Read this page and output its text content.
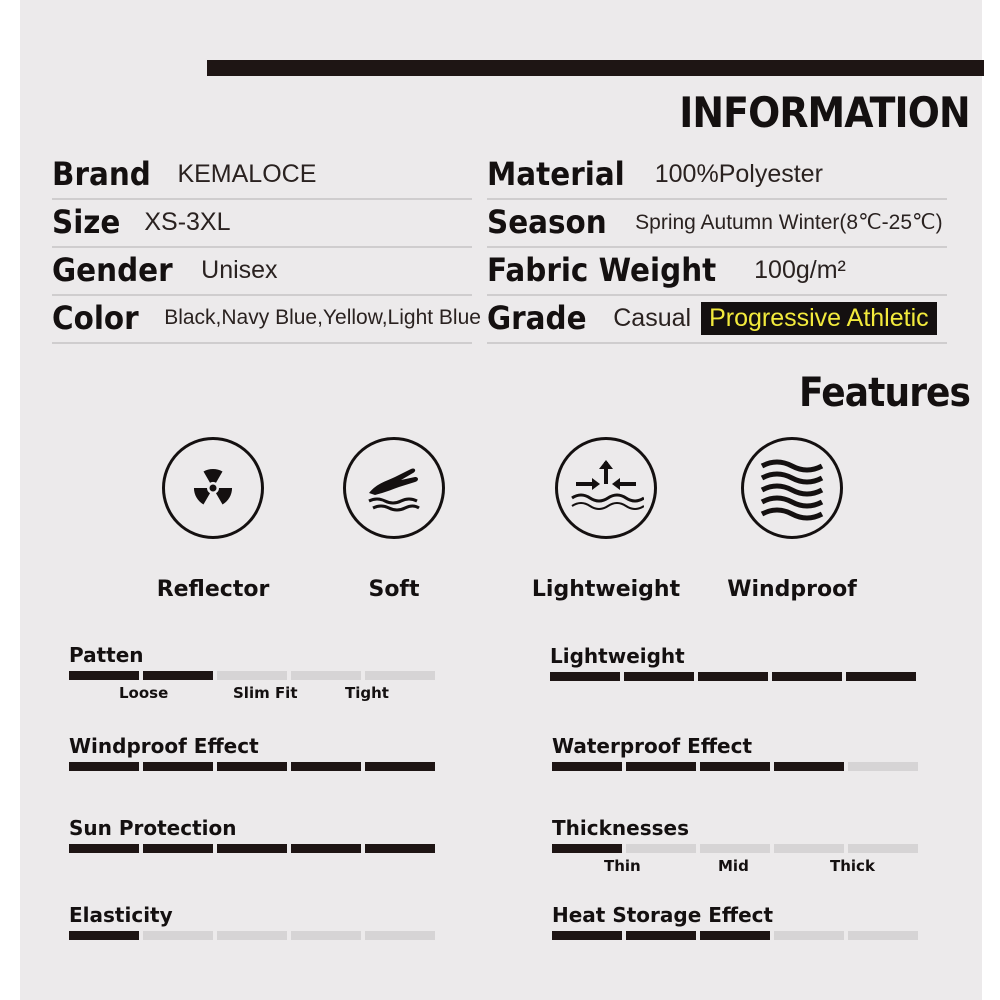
INFORMATION
Brand KEMALOCE
Size XS-3XL
Gender Unisex
Color Black,Navy Blue,Yellow,Light Blue
Material 100%Polyester
Season Spring Autumn Winter(8℃-25℃)
Fabric Weight 100g/m²
Grade Casual Progressive Athletic
Features
Reflector	Soft	Lightweight	Windproof
Patten
Loose	Slim Fit	Tight
Windproof Effect
Sun Protection
Elasticity
Lightweight
Waterproof Effect
Thicknesses
Thin	Mid	Thick
Heat Storage Effect
